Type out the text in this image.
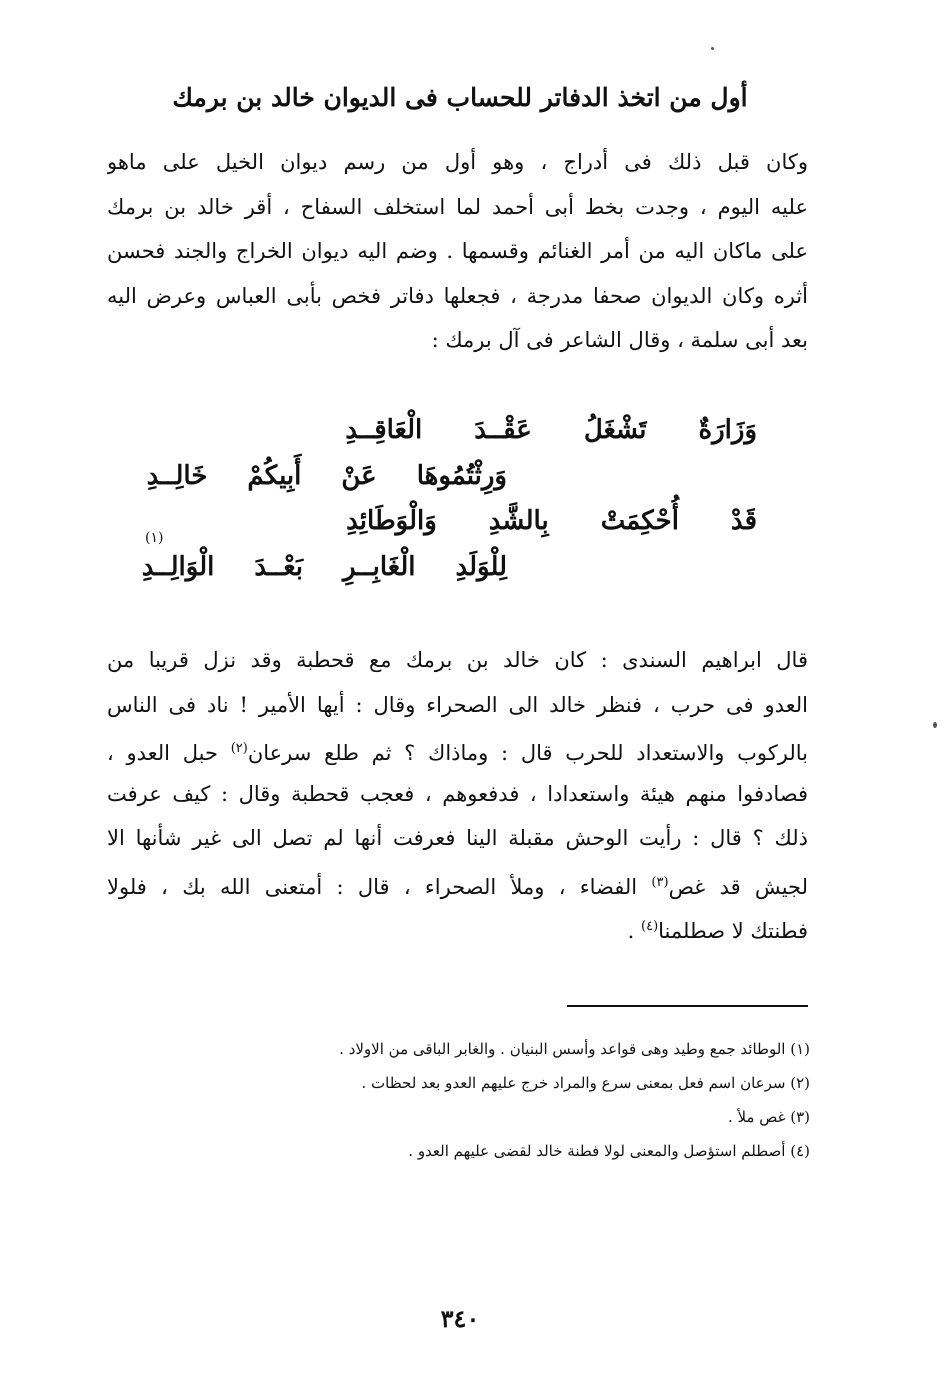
أول من اتخذ الدفاتر للحساب فى الديوان خالد بن برمك
وكان قبل ذلك فى أدراج ، وهو أول من رسم ديوان الخيل على ماهو
عليه اليوم ، وجدت بخط أبى أحمد لما استخلف السفاح ، أقر خالد بن برمك
على ماكان اليه من أمر الغنائم وقسمها . وضم اليه ديوان الخراج والجند فحسن
أثره وكان الديوان صحفا مدرجة ، فجعلها دفاتر فخص بأبى العباس وعرض اليه
بعد أبى سلمة ، وقال الشاعر فى آل برمك :
وَزَارَةٌتَشْغَلُعَقْــدَالْعَاقِــدِ
وَرِثْتُمُوهَاعَنْأَبِيكُمْخَالِــدِ
قَدْأُحْكِمَتْبِالشَّدِوَالْوَطَائِدِ
لِلْوَلَدِالْغَابِــرِبَعْــدَالْوَالِــدِ
(١)
قال ابراهيم السندى : كان خالد بن برمك مع قحطبة وقد نزل قريبا من
العدو فى حرب ، فنظر خالد الى الصحراء وقال : أيها الأمير ! ناد فى الناس
بالركوب والاستعداد للحرب قال : وماذاك ؟ ثم طلع سرعان$^{(٢)}$ حبل العدو ،
فصادفوا منهم هيئة واستعدادا ، فدفعوهم ، فعجب قحطبة وقال : كيف عرفت
ذلك ؟ قال : رأيت الوحش مقبلة الينا فعرفت أنها لم تصل الى غير شأنها الا
لجيش قد غص$^{(٣)}$ الفضاء ، وملأ الصحراء ، قال : أمتعنى الله بك ، فلولا
فطنتك لا صطلمنا$^{(٤)}$ .
(١) الوطائد جمع وطيد وهى قواعد وأسس البنيان . والغابر الباقى من الاولاد .
(٢) سرعان اسم فعل بمعنى سرع والمراد خرج عليهم العدو بعد لحظات .
(٣) غص ملأ .
(٤) أصطلم استؤصل والمعنى لولا فطنة خالد لقضى عليهم العدو .
٣٤٠
